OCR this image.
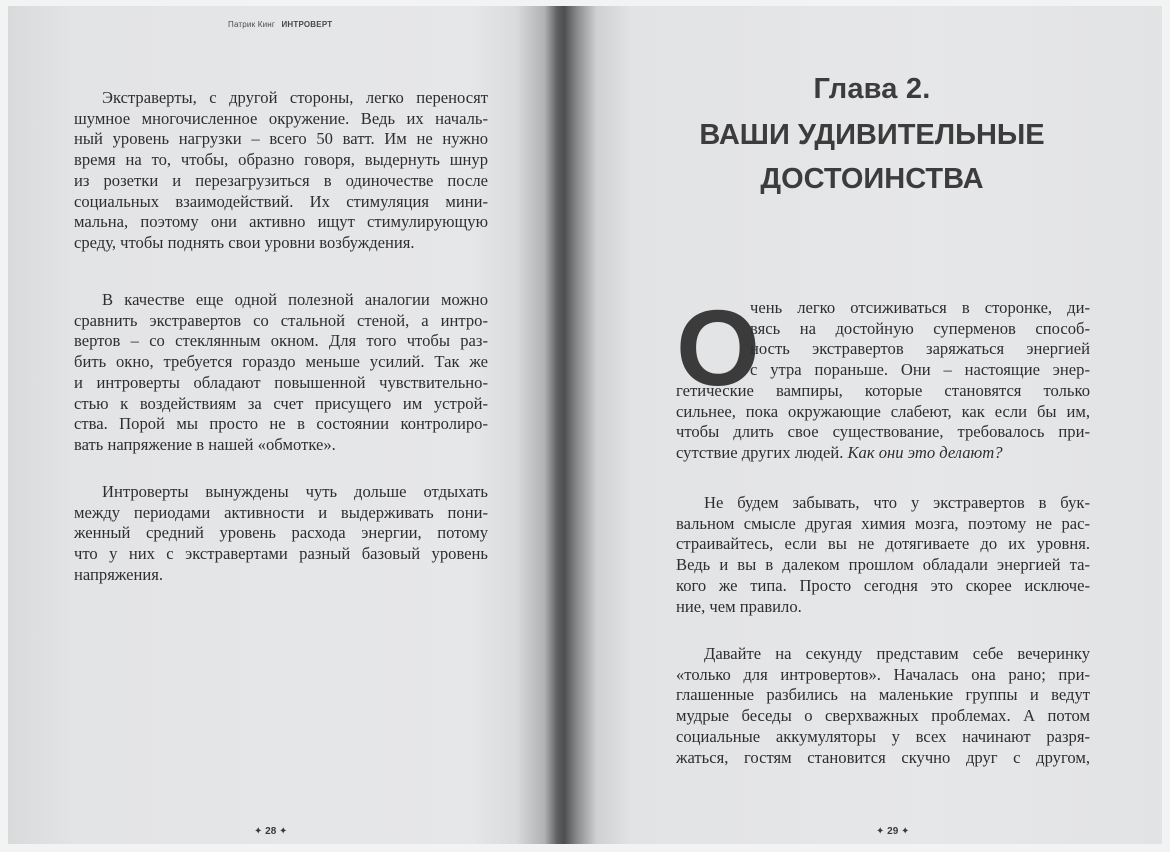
Патрик Кинг ИНТРОВЕРТ

Экстраверты, с другой стороны, легко переносят
шумное многочисленное окружение. Ведь их началь-
ный уровень нагрузки – всего 50 ватт. Им не нужно
время на то, чтобы, образно говоря, выдернуть шнур
из розетки и перезагрузиться в одиночестве после
социальных взаимодействий. Их стимуляция мини-
мальна, поэтому они активно ищут стимулирующую
среду, чтобы поднять свои уровни возбуждения.

В качестве еще одной полезной аналогии можно
сравнить экстравертов со стальной стеной, а интро-
вертов – со стеклянным окном. Для того чтобы раз-
бить окно, требуется гораздо меньше усилий. Так же
и интроверты обладают повышенной чувствительно-
стью к воздействиям за счет присущего им устрой-
ства. Порой мы просто не в состоянии контролиро-
вать напряжение в нашей «обмотке».

Интроверты вынуждены чуть дольше отдыхать
между периодами активности и выдерживать пони-
женный средний уровень расхода энергии, потому
что у них с экстравертами разный базовый уровень
напряжения.

✦ 28 ✦
Глава 2.
ВАШИ УДИВИТЕЛЬНЫЕ
ДОСТОИНСТВА
О

чень легко отсиживаться в сторонке, ди-
вясь на достойную суперменов способ-
ность экстравертов заряжаться энергией
с утра пораньше. Они – настоящие энер-
гетические вампиры, которые становятся только
сильнее, пока окружающие слабеют, как если бы им,
чтобы длить свое существование, требовалось при-
сутствие других людей. Как они это делают?

Не будем забывать, что у экстравертов в бук-
вальном смысле другая химия мозга, поэтому не рас-
страивайтесь, если вы не дотягиваете до их уровня.
Ведь и вы в далеком прошлом обладали энергией та-
кого же типа. Просто сегодня это скорее исключе-
ние, чем правило.

Давайте на секунду представим себе вечеринку
«только для интровертов». Началась она рано; при-
глашенные разбились на маленькие группы и ведут
мудрые беседы о сверхважных проблемах. А потом
социальные аккумуляторы у всех начинают разря-
жаться, гостям становится скучно друг с другом,

✦ 29 ✦
